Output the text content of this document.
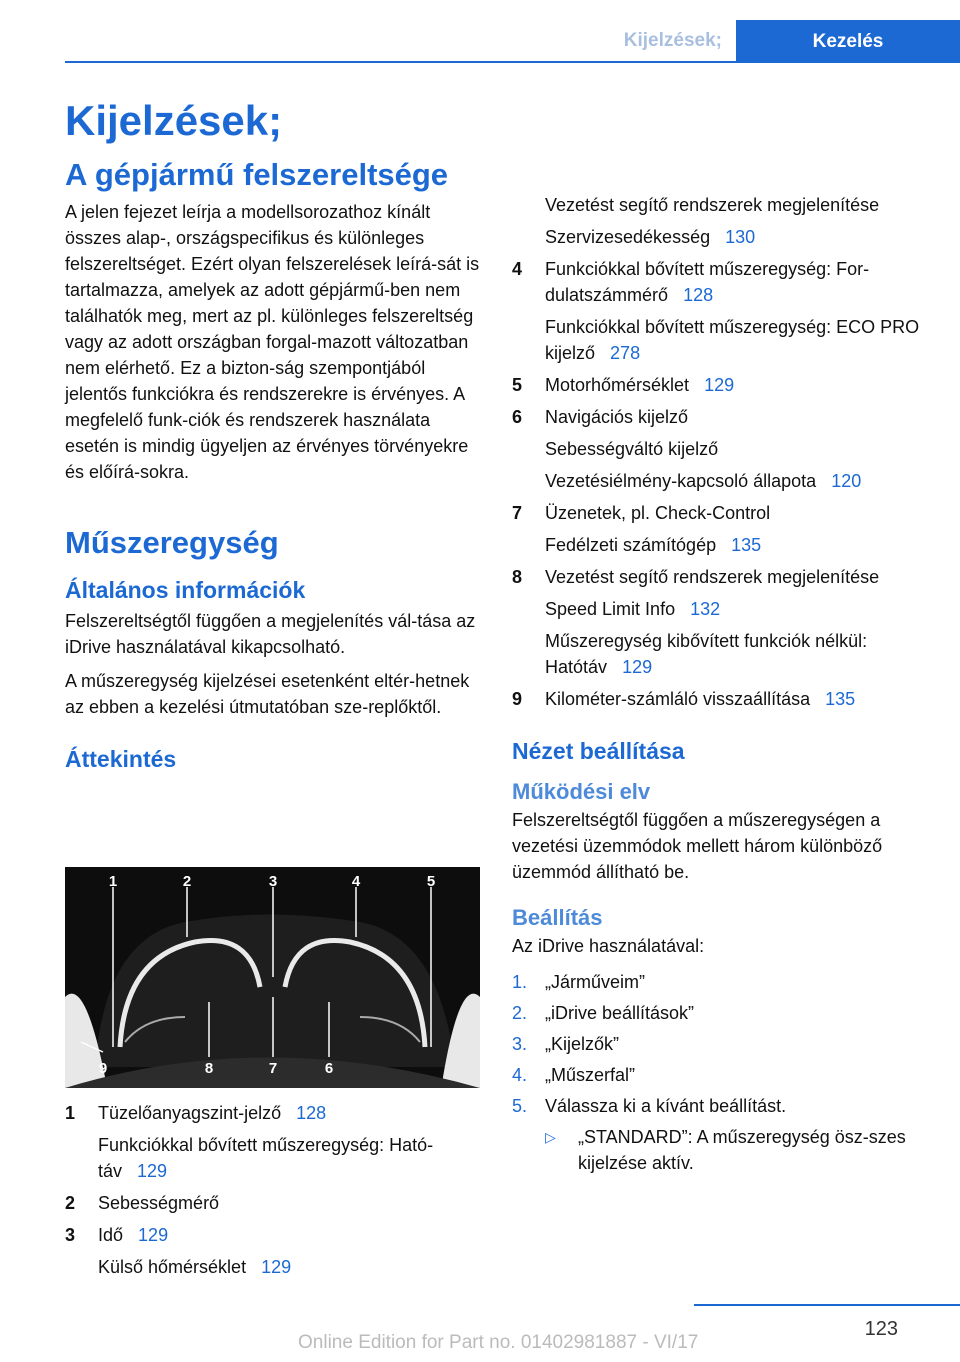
Kijelzések;	Kezelés
Kijelzések;
A gépjármű felszereltsége

A jelen fejezet leírja a modellsorozathoz kínált összes alap-, országspecifikus és különleges felszereltséget. Ezért olyan felszerelések leírá-sát is tartalmazza, amelyek az adott gépjármű-ben nem találhatók meg, mert az pl. különleges felszereltség vagy az adott országban forgal-mazott változatban nem elérhető. Ez a bizton-ság szempontjából jelentős funkciókra és rendszerekre is érvényes. A megfelelő funk-ciók és rendszerek használata esetén is mindig ügyeljen az érvényes törvényekre és előírá-sokra.

Műszeregység
Általános információk

Felszereltségtől függően a megjelenítés vál-tása az iDrive használatával kikapcsolható.

A műszeregység kijelzései esetenként eltér-hetnek az ebben a kezelési útmutatóban sze-replőktől.

Áttekintés
1	2	3	4	5
9	8	7	6
1	Tüzelőanyagszint-jelző 128
Funkciókkal bővített műszeregység: Ható-táv 129
2	Sebességmérő
3	Idő 129
Külső hőmérséklet 129
Vezetést segítő rendszerek megjelenítése
Szervizesedékesség 130
4	Funkciókkal bővített műszeregység: For-dulatszámmérő 128
Funkciókkal bővített műszeregység: ECO PRO kijelző 278
5	Motorhőmérséklet 129
6	Navigációs kijelző
Sebességváltó kijelző
Vezetésiélmény-kapcsoló állapota 120
7	Üzenetek, pl. Check-Control
Fedélzeti számítógép 135
8	Vezetést segítő rendszerek megjelenítése
Speed Limit Info 132
Műszeregység kibővített funkciók nélkül: Hatótáv 129
9	Kilométer-számláló visszaállítása 135
Nézet beállítása
Működési elv

Felszereltségtől függően a műszeregységen a vezetési üzemmódok mellett három különböző üzemmód állítható be.

Beállítás

Az iDrive használatával:

1. „Járműveim”
2. „iDrive beállítások”
3. „Kijelzők”
4. „Műszerfal”
5. Válassza ki a kívánt beállítást.
▷	„STANDARD”: A műszeregység ösz-szes kijelzése aktív.
123
Online Edition for Part no. 01402981887 - VI/17
